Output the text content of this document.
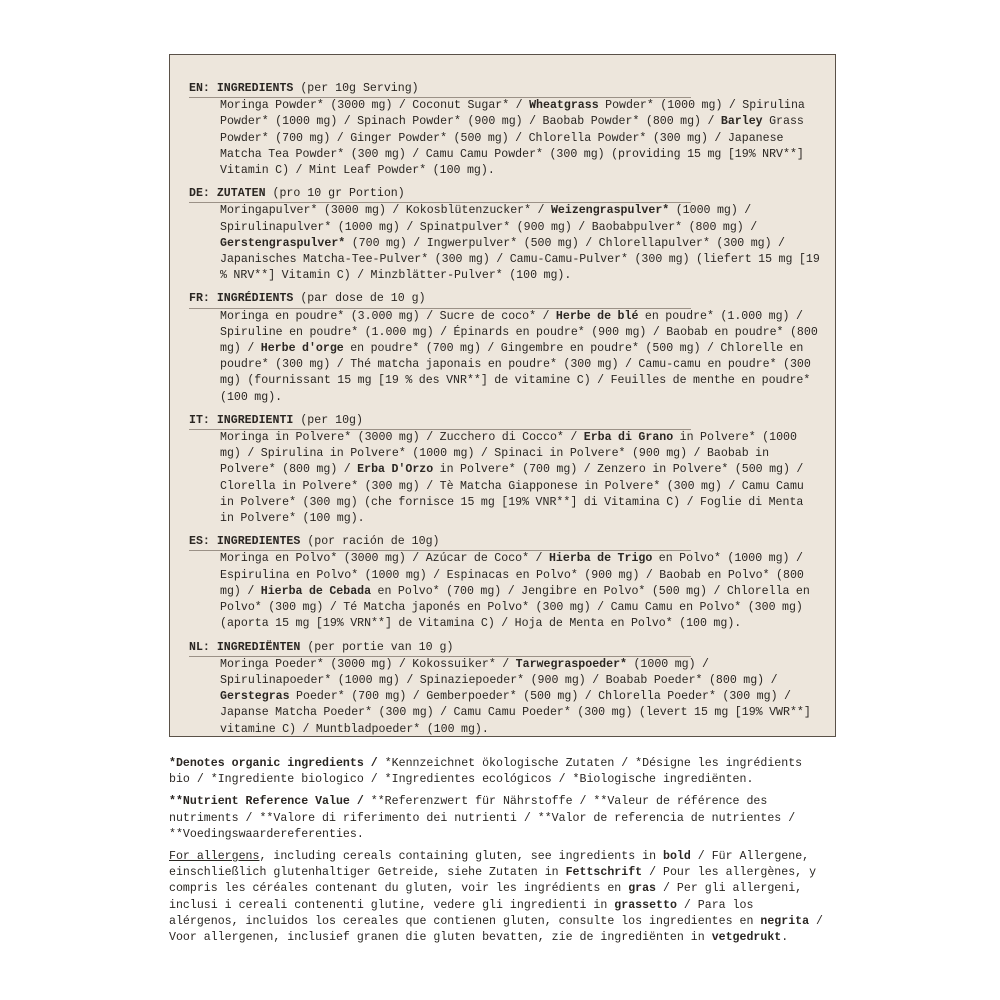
EN: INGREDIENTS (per 10g Serving)
Moringa Powder* (3000 mg) / Coconut Sugar* / Wheatgrass Powder* (1000 mg) / Spirulina Powder* (1000 mg) / Spinach Powder* (900 mg) / Baobab Powder* (800 mg) / Barley Grass Powder* (700 mg) / Ginger Powder* (500 mg) / Chlorella Powder* (300 mg) / Japanese Matcha Tea Powder* (300 mg) / Camu Camu Powder* (300 mg) (providing 15 mg [19% NRV**] Vitamin C) / Mint Leaf Powder* (100 mg).
DE: ZUTATEN (pro 10 gr Portion)
Moringapulver* (3000 mg) / Kokosblütenzucker* / Weizengraspulver* (1000 mg) / Spirulinapulver* (1000 mg) / Spinatpulver* (900 mg) / Baobabpulver* (800 mg) / Gerstengraspulver* (700 mg) / Ingwerpulver* (500 mg) / Chlorellapulver* (300 mg) / Japanisches Matcha-Tee-Pulver* (300 mg) / Camu-Camu-Pulver* (300 mg) (liefert 15 mg [19 % NRV**] Vitamin C) / Minzblätter-Pulver* (100 mg).
FR: INGRÉDIENTS (par dose de 10 g)
Moringa en poudre* (3.000 mg) / Sucre de coco* / Herbe de blé en poudre* (1.000 mg) / Spiruline en poudre* (1.000 mg) / Épinards en poudre* (900 mg) / Baobab en poudre* (800 mg) / Herbe d'orge en poudre* (700 mg) / Gingembre en poudre* (500 mg) / Chlorelle en poudre* (300 mg) / Thé matcha japonais en poudre* (300 mg) / Camu-camu en poudre* (300 mg) (fournissant 15 mg [19 % des VNR**] de vitamine C) / Feuilles de menthe en poudre* (100 mg).
IT: INGREDIENTI (per 10g)
Moringa in Polvere* (3000 mg) / Zucchero di Cocco* / Erba di Grano in Polvere* (1000 mg) / Spirulina in Polvere* (1000 mg) / Spinaci in Polvere* (900 mg) / Baobab in Polvere* (800 mg) / Erba D'Orzo in Polvere* (700 mg) / Zenzero in Polvere* (500 mg) / Clorella in Polvere* (300 mg) / Tè Matcha Giapponese in Polvere* (300 mg) / Camu Camu in Polvere* (300 mg) (che fornisce 15 mg [19% VNR**] di Vitamina C) / Foglie di Menta in Polvere* (100 mg).
ES: INGREDIENTES (por ración de 10g)
Moringa en Polvo* (3000 mg) / Azúcar de Coco* / Hierba de Trigo en Polvo* (1000 mg) / Espirulina en Polvo* (1000 mg) / Espinacas en Polvo* (900 mg) / Baobab en Polvo* (800 mg) / Hierba de Cebada en Polvo* (700 mg) / Jengibre en Polvo* (500 mg) / Chlorella en Polvo* (300 mg) / Té Matcha japonés en Polvo* (300 mg) / Camu Camu en Polvo* (300 mg) (aporta 15 mg [19% VRN**] de Vitamina C) / Hoja de Menta en Polvo* (100 mg).
NL: INGREDIËNTEN (per portie van 10 g)
Moringa Poeder* (3000 mg) / Kokossuiker* / Tarwegraspoeder* (1000 mg) / Spirulinapoeder* (1000 mg) / Spinaziepoeder* (900 mg) / Boabab Poeder* (800 mg) / Gerstegras Poeder* (700 mg) / Gemberpoeder* (500 mg) / Chlorella Poeder* (300 mg) / Japanse Matcha Poeder* (300 mg) / Camu Camu Poeder* (300 mg) (levert 15 mg [19% VWR**] vitamine C) / Muntbladpoeder* (100 mg).

*Denotes organic ingredients / *Kennzeichnet ökologische Zutaten / *Désigne les ingrédients bio / *Ingrediente biologico / *Ingredientes ecológicos / *Biologische ingrediënten.

**Nutrient Reference Value / **Referenzwert für Nährstoffe / **Valeur de référence des nutriments / **Valore di riferimento dei nutrienti / **Valor de referencia de nutrientes / **Voedingswaardereferenties.

For allergens, including cereals containing gluten, see ingredients in bold / Für Allergene, einschließlich glutenhaltiger Getreide, siehe Zutaten in Fettschrift / Pour les allergènes, y compris les céréales contenant du gluten, voir les ingrédients en gras / Per gli allergeni, inclusi i cereali contenenti glutine, vedere gli ingredienti in grassetto / Para los alérgenos, incluidos los cereales que contienen gluten, consulte los ingredientes en negrita / Voor allergenen, inclusief granen die gluten bevatten, zie de ingrediënten in vetgedrukt.
